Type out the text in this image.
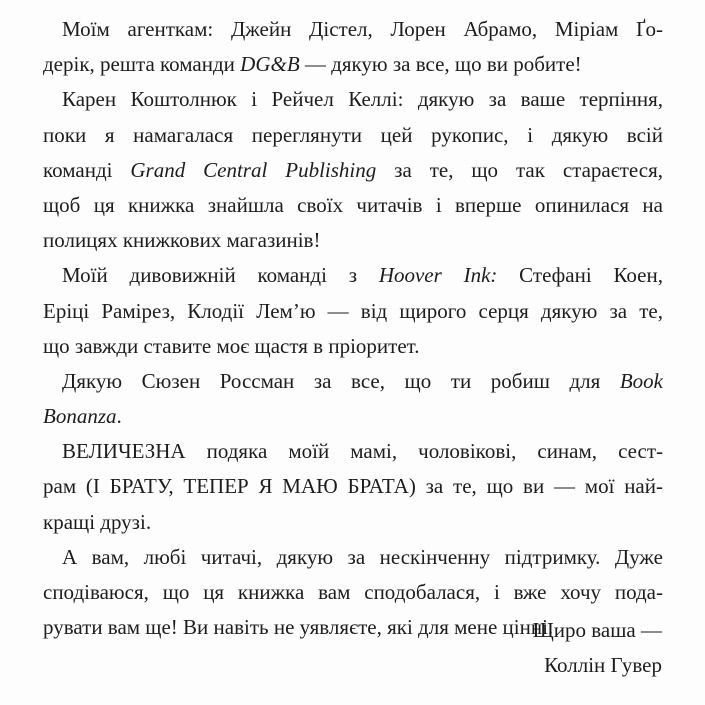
Моїм агенткам: Джейн Дістел, Лорен Абрамо, Міріам Ґо-
дерік, решта команди DG&B — дякую за все, що ви робите!
Карен Коштолнюк і Рейчел Келлі: дякую за ваше терпіння,
поки я намагалася переглянути цей рукопис, і дякую всій
команді Grand Central Publishing за те, що так стараєтеся,
щоб ця книжка знайшла своїх читачів і вперше опинилася на
полицях книжкових магазинів!
Моїй дивовижній команді з Hoover Ink: Стефані Коен,
Еріці Рамірез, Клодії Лем’ю — від щирого серця дякую за те,
що завжди ставите моє щастя в пріоритет.
Дякую Сюзен Россман за все, що ти робиш для Book
Bonanza.
ВЕЛИЧЕЗНА подяка моїй мамі, чоловікові, синам, сест-
рам (І БРАТУ, ТЕПЕР Я МАЮ БРАТА) за те, що ви — мої най-
кращі друзі.
А вам, любі читачі, дякую за нескінченну підтримку. Дуже
сподіваюся, що ця книжка вам сподобалася, і вже хочу пода-
рувати вам ще! Ви навіть не уявляєте, які для мене цінні.
Щиро ваша —
Коллін Гувер
